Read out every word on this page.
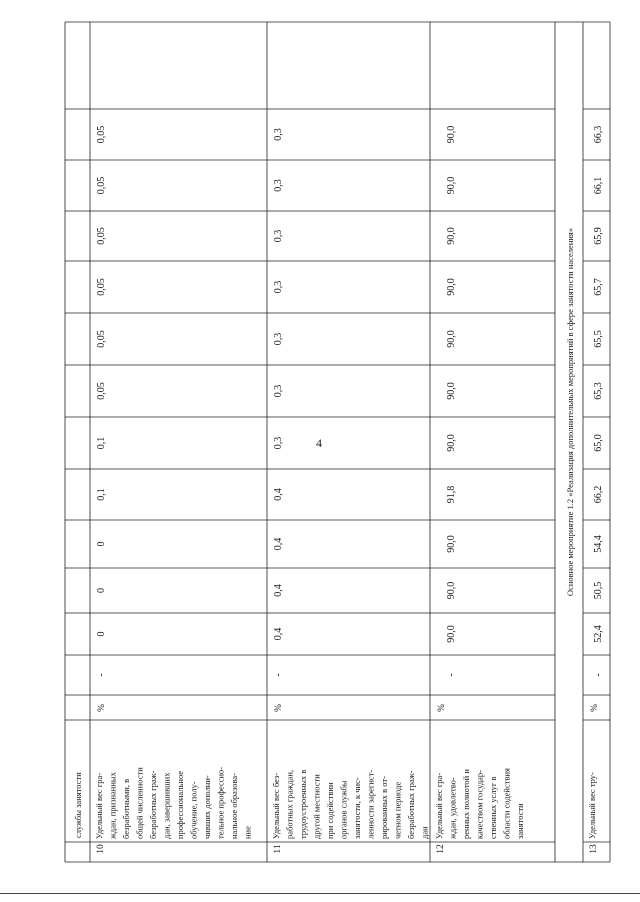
4
службы занятости
10
Удельный вес гра- ждан, признанных безработными, в общей численности безработных граж- дан, завершивших профессиональное обучение, полу- чивших дополни- тельное профессио- нальное образова- ние
%
-
0
0
0
0,1
0,1
0,05
0,05
0,05
0,05
0,05
0,05
11
Удельный вес без- работных граждан, трудоустроенных в другой местности при содействии органов службы занятости, к чис- ленности зарегист- рированных в от- четном периоде безработных граж- дан
%
-
0,4
0,4
0,4
0,4
0,3
0,3
0,3
0,3
0,3
0,3
0,3
12
Удельный вес гра- ждан, удовлетво- ренных полнотой и качеством государ- ственных услуг в области содействия занятости
%
-
90,0
90,0
90,0
91,8
90,0
90,0
90,0
90,0
90,0
90,0
90,0
13
Удельный вес тру-
%
-
52,4
50,5
54,4
66,2
65,0
65,3
65,5
65,7
65,9
66,1
66,3
Основное мероприятие 1.2 «Реализация дополнительных мероприятий в сфере занятости населения»
